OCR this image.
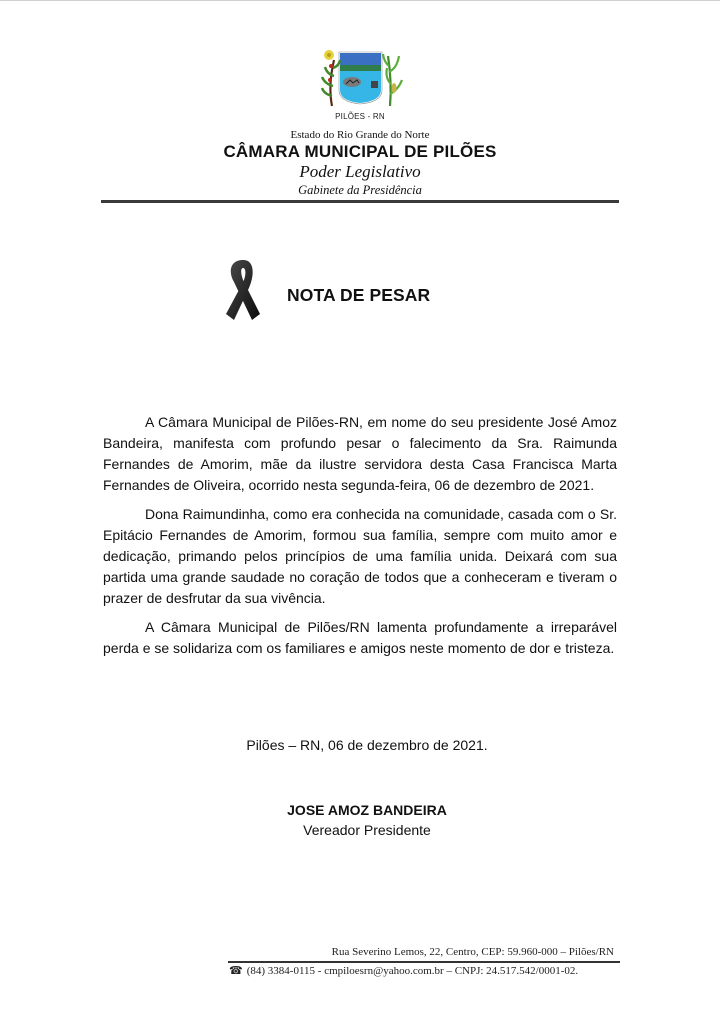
PILÕES - RN
Estado do Rio Grande do Norte
CÂMARA MUNICIPAL DE PILÕES
Poder Legislativo
Gabinete da Presidência
NOTA DE PESAR

A Câmara Municipal de Pilões-RN, em nome do seu presidente José Amoz Bandeira, manifesta com profundo pesar o falecimento da Sra. Raimunda Fernandes de Amorim, mãe da ilustre servidora desta Casa Francisca Marta Fernandes de Oliveira, ocorrido nesta segunda-feira, 06 de dezembro de 2021.

Dona Raimundinha, como era conhecida na comunidade, casada com o Sr. Epitácio Fernandes de Amorim, formou sua família, sempre com muito amor e dedicação, primando pelos princípios de uma família unida. Deixará com sua partida uma grande saudade no coração de todos que a conheceram e tiveram o prazer de desfrutar da sua vivência.

A Câmara Municipal de Pilões/RN lamenta profundamente a irreparável perda e se solidariza com os familiares e amigos neste momento de dor e tristeza.

Pilões – RN, 06 de dezembro de 2021.
JOSE AMOZ BANDEIRA
Vereador Presidente
Rua Severino Lemos, 22, Centro, CEP: 59.960-000 – Pilões/RN
☎ (84) 3384-0115 - cmpiloesrn@yahoo.com.br – CNPJ: 24.517.542/0001-02.
